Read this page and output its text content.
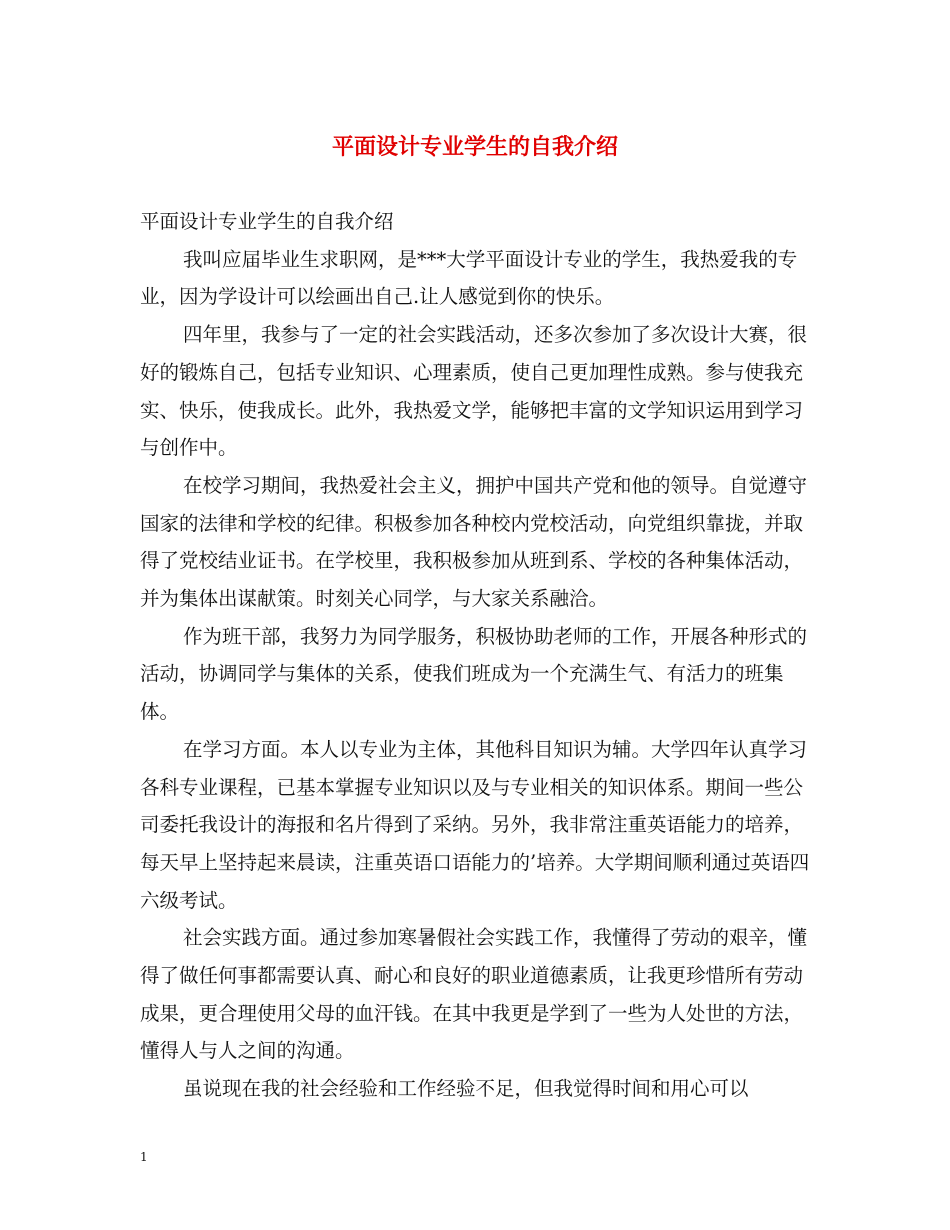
平面设计专业学生的自我介绍

平面设计专业学生的自我介绍

我叫应届毕业生求职网，是***大学平面设计专业的学生，我热爱我的专业，因为学设计可以绘画出自己.让人感觉到你的快乐。

四年里，我参与了一定的社会实践活动，还多次参加了多次设计大赛，很好的锻炼自己，包括专业知识、心理素质，使自己更加理性成熟。参与使我充实、快乐，使我成长。此外，我热爱文学，能够把丰富的文学知识运用到学习与创作中。

在校学习期间，我热爱社会主义，拥护中国共产党和他的领导。自觉遵守国家的法律和学校的纪律。积极参加各种校内党校活动，向党组织靠拢，并取得了党校结业证书。在学校里，我积极参加从班到系、学校的各种集体活动，并为集体出谋献策。时刻关心同学，与大家关系融洽。

作为班干部，我努力为同学服务，积极协助老师的工作，开展各种形式的活动，协调同学与集体的关系，使我们班成为一个充满生气、有活力的班集体。

在学习方面。本人以专业为主体，其他科目知识为辅。大学四年认真学习各科专业课程，已基本掌握专业知识以及与专业相关的知识体系。期间一些公司委托我设计的海报和名片得到了采纳。另外，我非常注重英语能力的培养，每天早上坚持起来晨读，注重英语口语能力的’培养。大学期间顺利通过英语四六级考试。

社会实践方面。通过参加寒暑假社会实践工作，我懂得了劳动的艰辛，懂得了做任何事都需要认真、耐心和良好的职业道德素质，让我更珍惜所有劳动成果，更合理使用父母的血汗钱。在其中我更是学到了一些为人处世的方法，懂得人与人之间的沟通。

虽说现在我的社会经验和工作经验不足，但我觉得时间和用心可以

1
